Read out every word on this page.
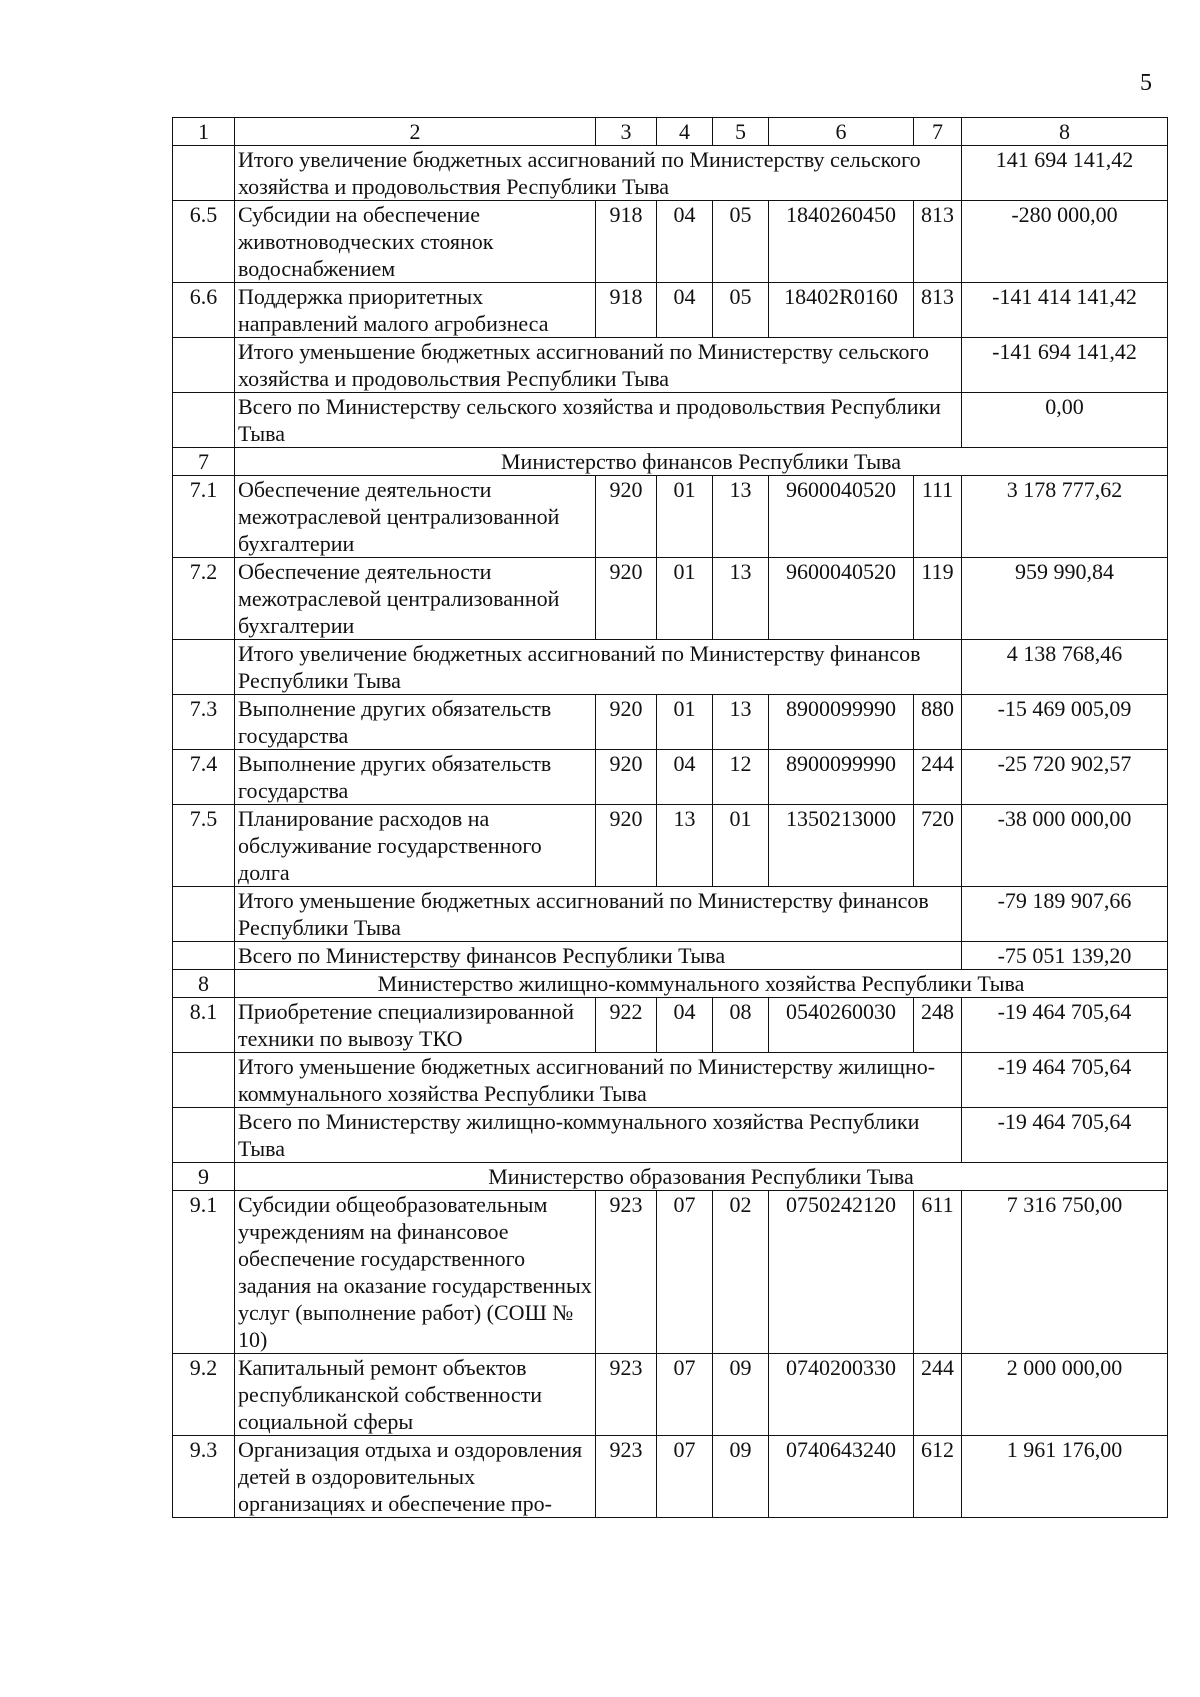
5
1	2	3	4	5	6	7	8
	Итого увеличение бюджетных ассигнований по Министерству сельского хозяйства и продовольствия Республики Тыва						141 694 141,42
6.5	Субсидии на обеспечение животноводческих стоянок водоснабжением	918	04	05	1840260450	813	-280 000,00
6.6	Поддержка приоритетных направлений малого агробизнеса	918	04	05	18402R0160	813	-141 414 141,42
	Итого уменьшение бюджетных ассигнований по Министерству сельского хозяйства и продовольствия Республики Тыва						-141 694 141,42
	Всего по Министерству сельского хозяйства и продовольствия Республики Тыва						0,00
7	Министерство финансов Республики Тыва						
7.1	Обеспечение деятельности межотраслевой централизованной бухгалтерии	920	01	13	9600040520	111	3 178 777,62
7.2	Обеспечение деятельности межотраслевой централизованной бухгалтерии	920	01	13	9600040520	119	959 990,84
	Итого увеличение бюджетных ассигнований по Министерству финансов Республики Тыва						4 138 768,46
7.3	Выполнение других обязательств государства	920	01	13	8900099990	880	-15 469 005,09
7.4	Выполнение других обязательств государства	920	04	12	8900099990	244	-25 720 902,57
7.5	Планирование расходов на обслуживание государственного долга	920	13	01	1350213000	720	-38 000 000,00
	Итого уменьшение бюджетных ассигнований по Министерству финансов Республики Тыва						-79 189 907,66
	Всего по Министерству финансов Республики Тыва						-75 051 139,20
8	Министерство жилищно-коммунального хозяйства Республики Тыва						
8.1	Приобретение специализированной техники по вывозу ТКО	922	04	08	0540260030	248	-19 464 705,64
	Итого уменьшение бюджетных ассигнований по Министерству жилищно-коммунального хозяйства Республики Тыва						-19 464 705,64
	Всего по Министерству жилищно-коммунального хозяйства Республики Тыва						-19 464 705,64
9	Министерство образования Республики Тыва						
9.1	Субсидии общеобразовательным учреждениям на финансовое обеспечение государственного задания на оказание государственных услуг (выполнение работ) (СОШ № 10)	923	07	02	0750242120	611	7 316 750,00
9.2	Капитальный ремонт объектов республиканской собственности социальной сферы	923	07	09	0740200330	244	2 000 000,00
9.3	Организация отдыха и оздоровления детей в оздоровительных организациях и обеспечение про-	923	07	09	0740643240	612	1 961 176,00
